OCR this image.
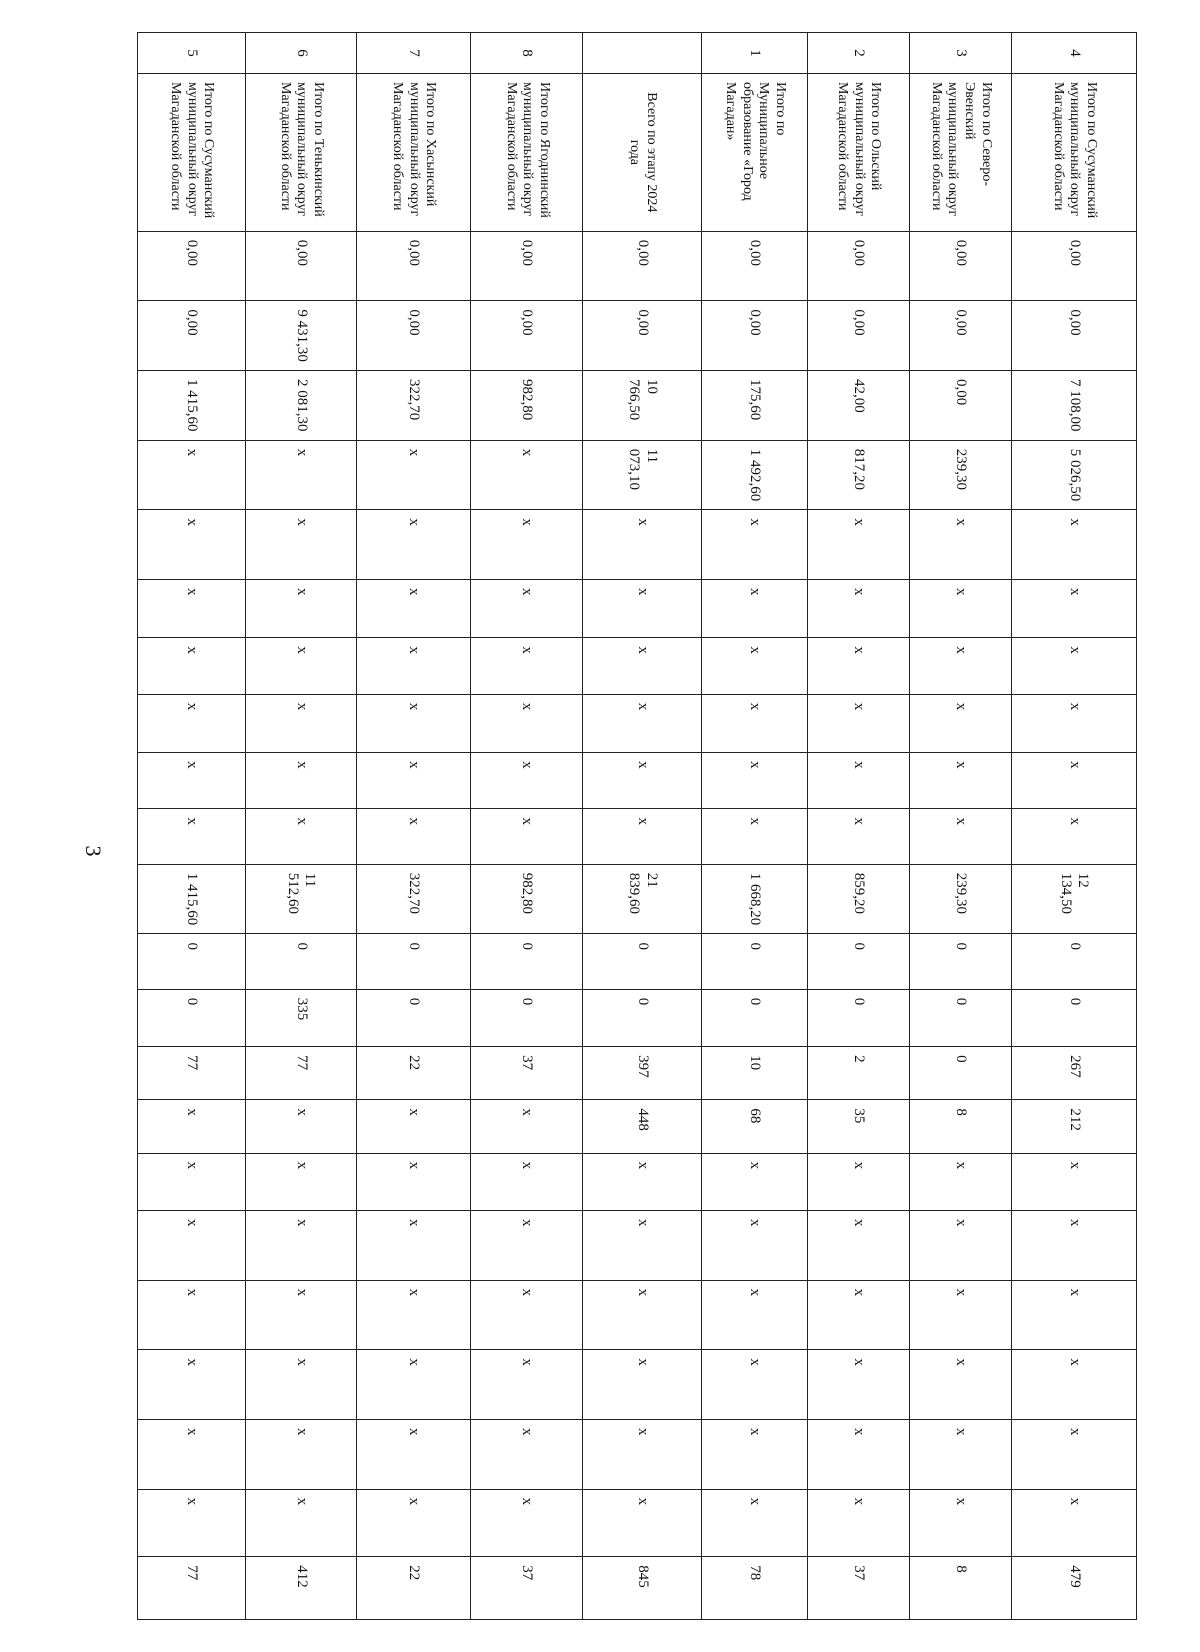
3
4	Итого по Сусуманский муниципальный округ Магаданской области	0,00	0,00	7 108,00	5 026,50	x	x	x	x	x	x	12 134,50	0	0	267	212	x	x	x	x	x	x	479
3	Итого по Северо-Эвенский муниципальный округ Магаданской области	0,00	0,00	0,00	239,30	x	x	x	x	x	x	239,30	0	0	0	8	x	x	x	x	x	x	8
2	Итого по Ольский муниципальный округ Магаданской области	0,00	0,00	42,00	817,20	x	x	x	x	x	x	859,20	0	0	2	35	x	x	x	x	x	x	37
1	Итого по Муниципальное образование «Город Магадан»	0,00	0,00	175,60	1 492,60	x	x	x	x	x	x	1 668,20	0	0	10	68	x	x	x	x	x	x	78
	Всего по этапу 2024 года	0,00	0,00	10 766,50	11 073,10	x	x	x	x	x	x	21 839,60	0	0	397	448	x	x	x	x	x	x	845
8	Итого по Ягоднинский муниципальный округ Магаданской области	0,00	0,00	982,80	x	x	x	x	x	x	x	982,80	0	0	37	x	x	x	x	x	x	x	37
7	Итого по Хасынский муниципальный округ Магаданской области	0,00	0,00	322,70	x	x	x	x	x	x	x	322,70	0	0	22	x	x	x	x	x	x	x	22
6	Итого по Тенькинский муниципальный округ Магаданской области	0,00	9 431,30	2 081,30	x	x	x	x	x	x	x	11 512,60	0	335	77	x	x	x	x	x	x	x	412
5	Итого по Сусуманский муниципальный округ Магаданской области	0,00	0,00	1 415,60	x	x	x	x	x	x	x	1 415,60	0	0	77	x	x	x	x	x	x	x	77
